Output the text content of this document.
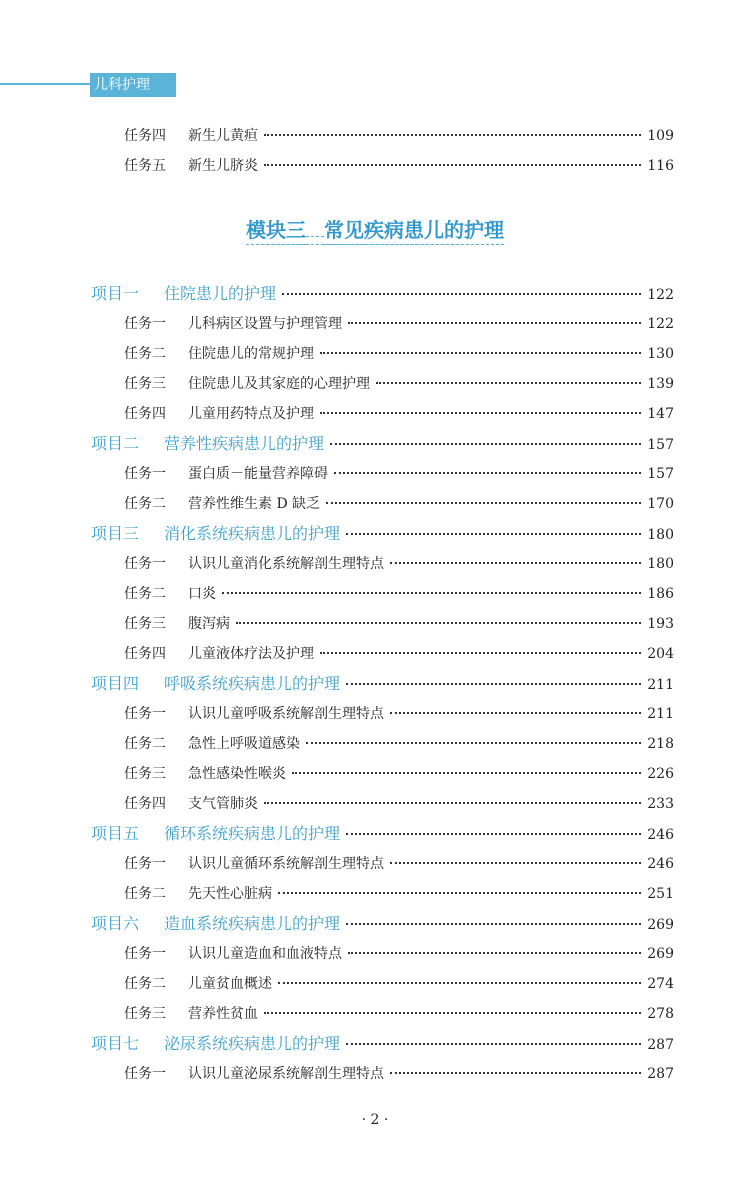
儿科护理
任务四	新生儿黄疸	109
任务五	新生儿脐炎	116
模块三 常见疾病患儿的护理
项目一	住院患儿的护理	122
任务一	儿科病区设置与护理管理	122
任务二	住院患儿的常规护理	130
任务三	住院患儿及其家庭的心理护理	139
任务四	儿童用药特点及护理	147
项目二	营养性疾病患儿的护理	157
任务一	蛋白质－能量营养障碍	157
任务二	营养性维生素 D 缺乏	170
项目三	消化系统疾病患儿的护理	180
任务一	认识儿童消化系统解剖生理特点	180
任务二	口炎	186
任务三	腹泻病	193
任务四	儿童液体疗法及护理	204
项目四	呼吸系统疾病患儿的护理	211
任务一	认识儿童呼吸系统解剖生理特点	211
任务二	急性上呼吸道感染	218
任务三	急性感染性喉炎	226
任务四	支气管肺炎	233
项目五	循环系统疾病患儿的护理	246
任务一	认识儿童循环系统解剖生理特点	246
任务二	先天性心脏病	251
项目六	造血系统疾病患儿的护理	269
任务一	认识儿童造血和血液特点	269
任务二	儿童贫血概述	274
任务三	营养性贫血	278
项目七	泌尿系统疾病患儿的护理	287
任务一	认识儿童泌尿系统解剖生理特点	287
· 2 ·
